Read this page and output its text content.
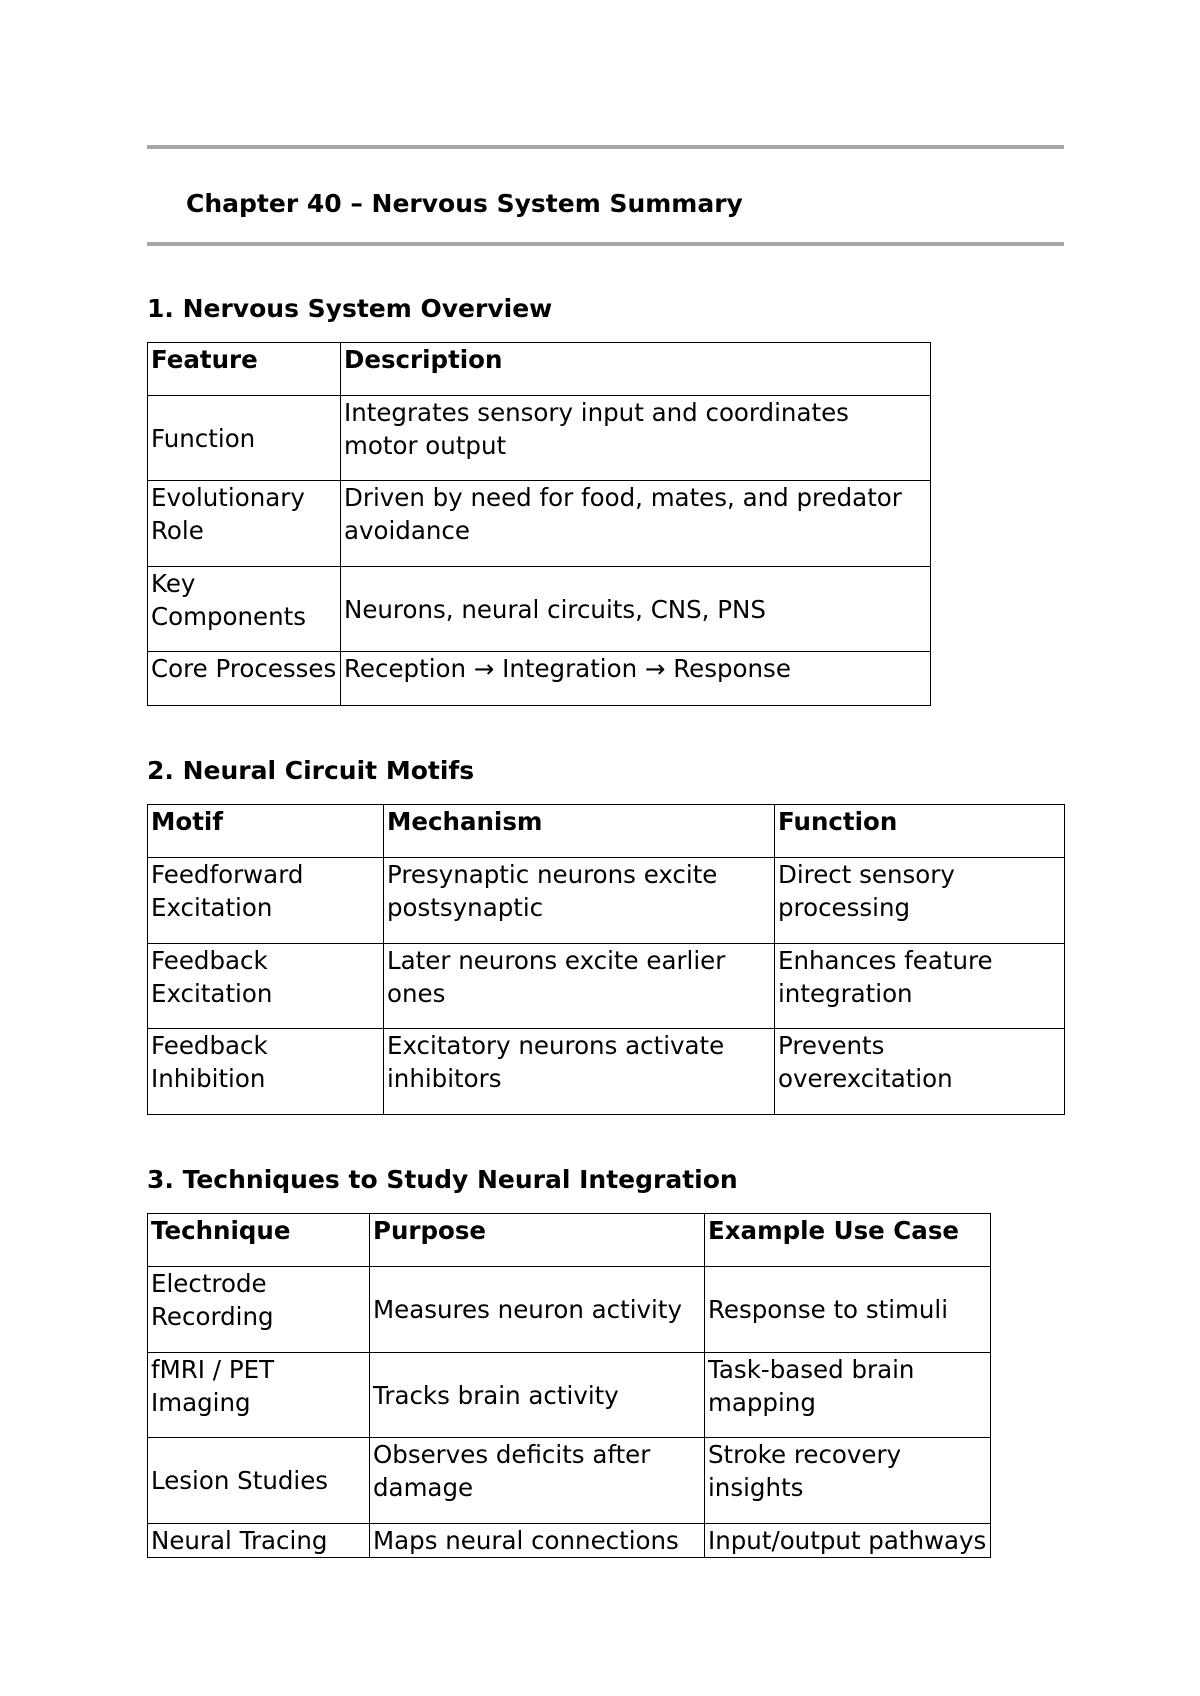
Chapter 40 – Nervous System Summary
1. Nervous System Overview
Feature	Description
Function	Integrates sensory input and coordinates motor output
Evolutionary Role	Driven by need for food, mates, and predator avoidance
Key Components	Neurons, neural circuits, CNS, PNS
Core Processes	Reception → Integration → Response
2. Neural Circuit Motifs
Motif	Mechanism	Function
Feedforward Excitation	Presynaptic neurons excite postsynaptic	Direct sensory processing
Feedback Excitation	Later neurons excite earlier ones	Enhances feature integration
Feedback Inhibition	Excitatory neurons activate inhibitors	Prevents overexcitation
3. Techniques to Study Neural Integration
Technique	Purpose	Example Use Case
Electrode Recording	Measures neuron activity	Response to stimuli
fMRI / PET Imaging	Tracks brain activity	Task-based brain mapping
Lesion Studies	Observes deficits after damage	Stroke recovery insights
Neural Tracing	Maps neural connections	Input/output pathways
